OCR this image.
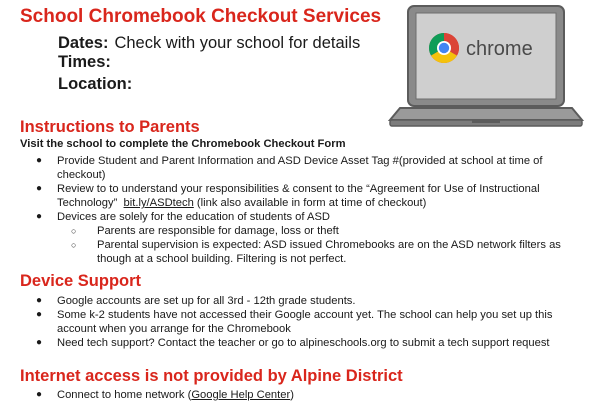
School Chromebook Checkout Services
Dates: Check with your school for details
Times:
Location:
chrome
Instructions to Parents
Visit the school to complete the Chromebook Checkout Form
● Provide Student and Parent Information and ASD Device Asset Tag #(provided at school at time of checkout)
● Review to to understand your responsibilities & consent to the “Agreement for Use of Instructional Technology” bit.ly/ASDtech (link also available in form at time of checkout)
● Devices are solely for the education of students of ASD
○ Parents are responsible for damage, loss or theft
○ Parental supervision is expected: ASD issued Chromebooks are on the ASD network filters as though at a school building. Filtering is not perfect.
Device Support
● Google accounts are set up for all 3rd - 12th grade students.
● Some k-2 students have not accessed their Google account yet. The school can help you set up this account when you arrange for the Chromebook
● Need tech support? Contact the teacher or go to alpineschools.org to submit a tech support request
Internet access is not provided by Alpine District
● Connect to home network (Google Help Center)
